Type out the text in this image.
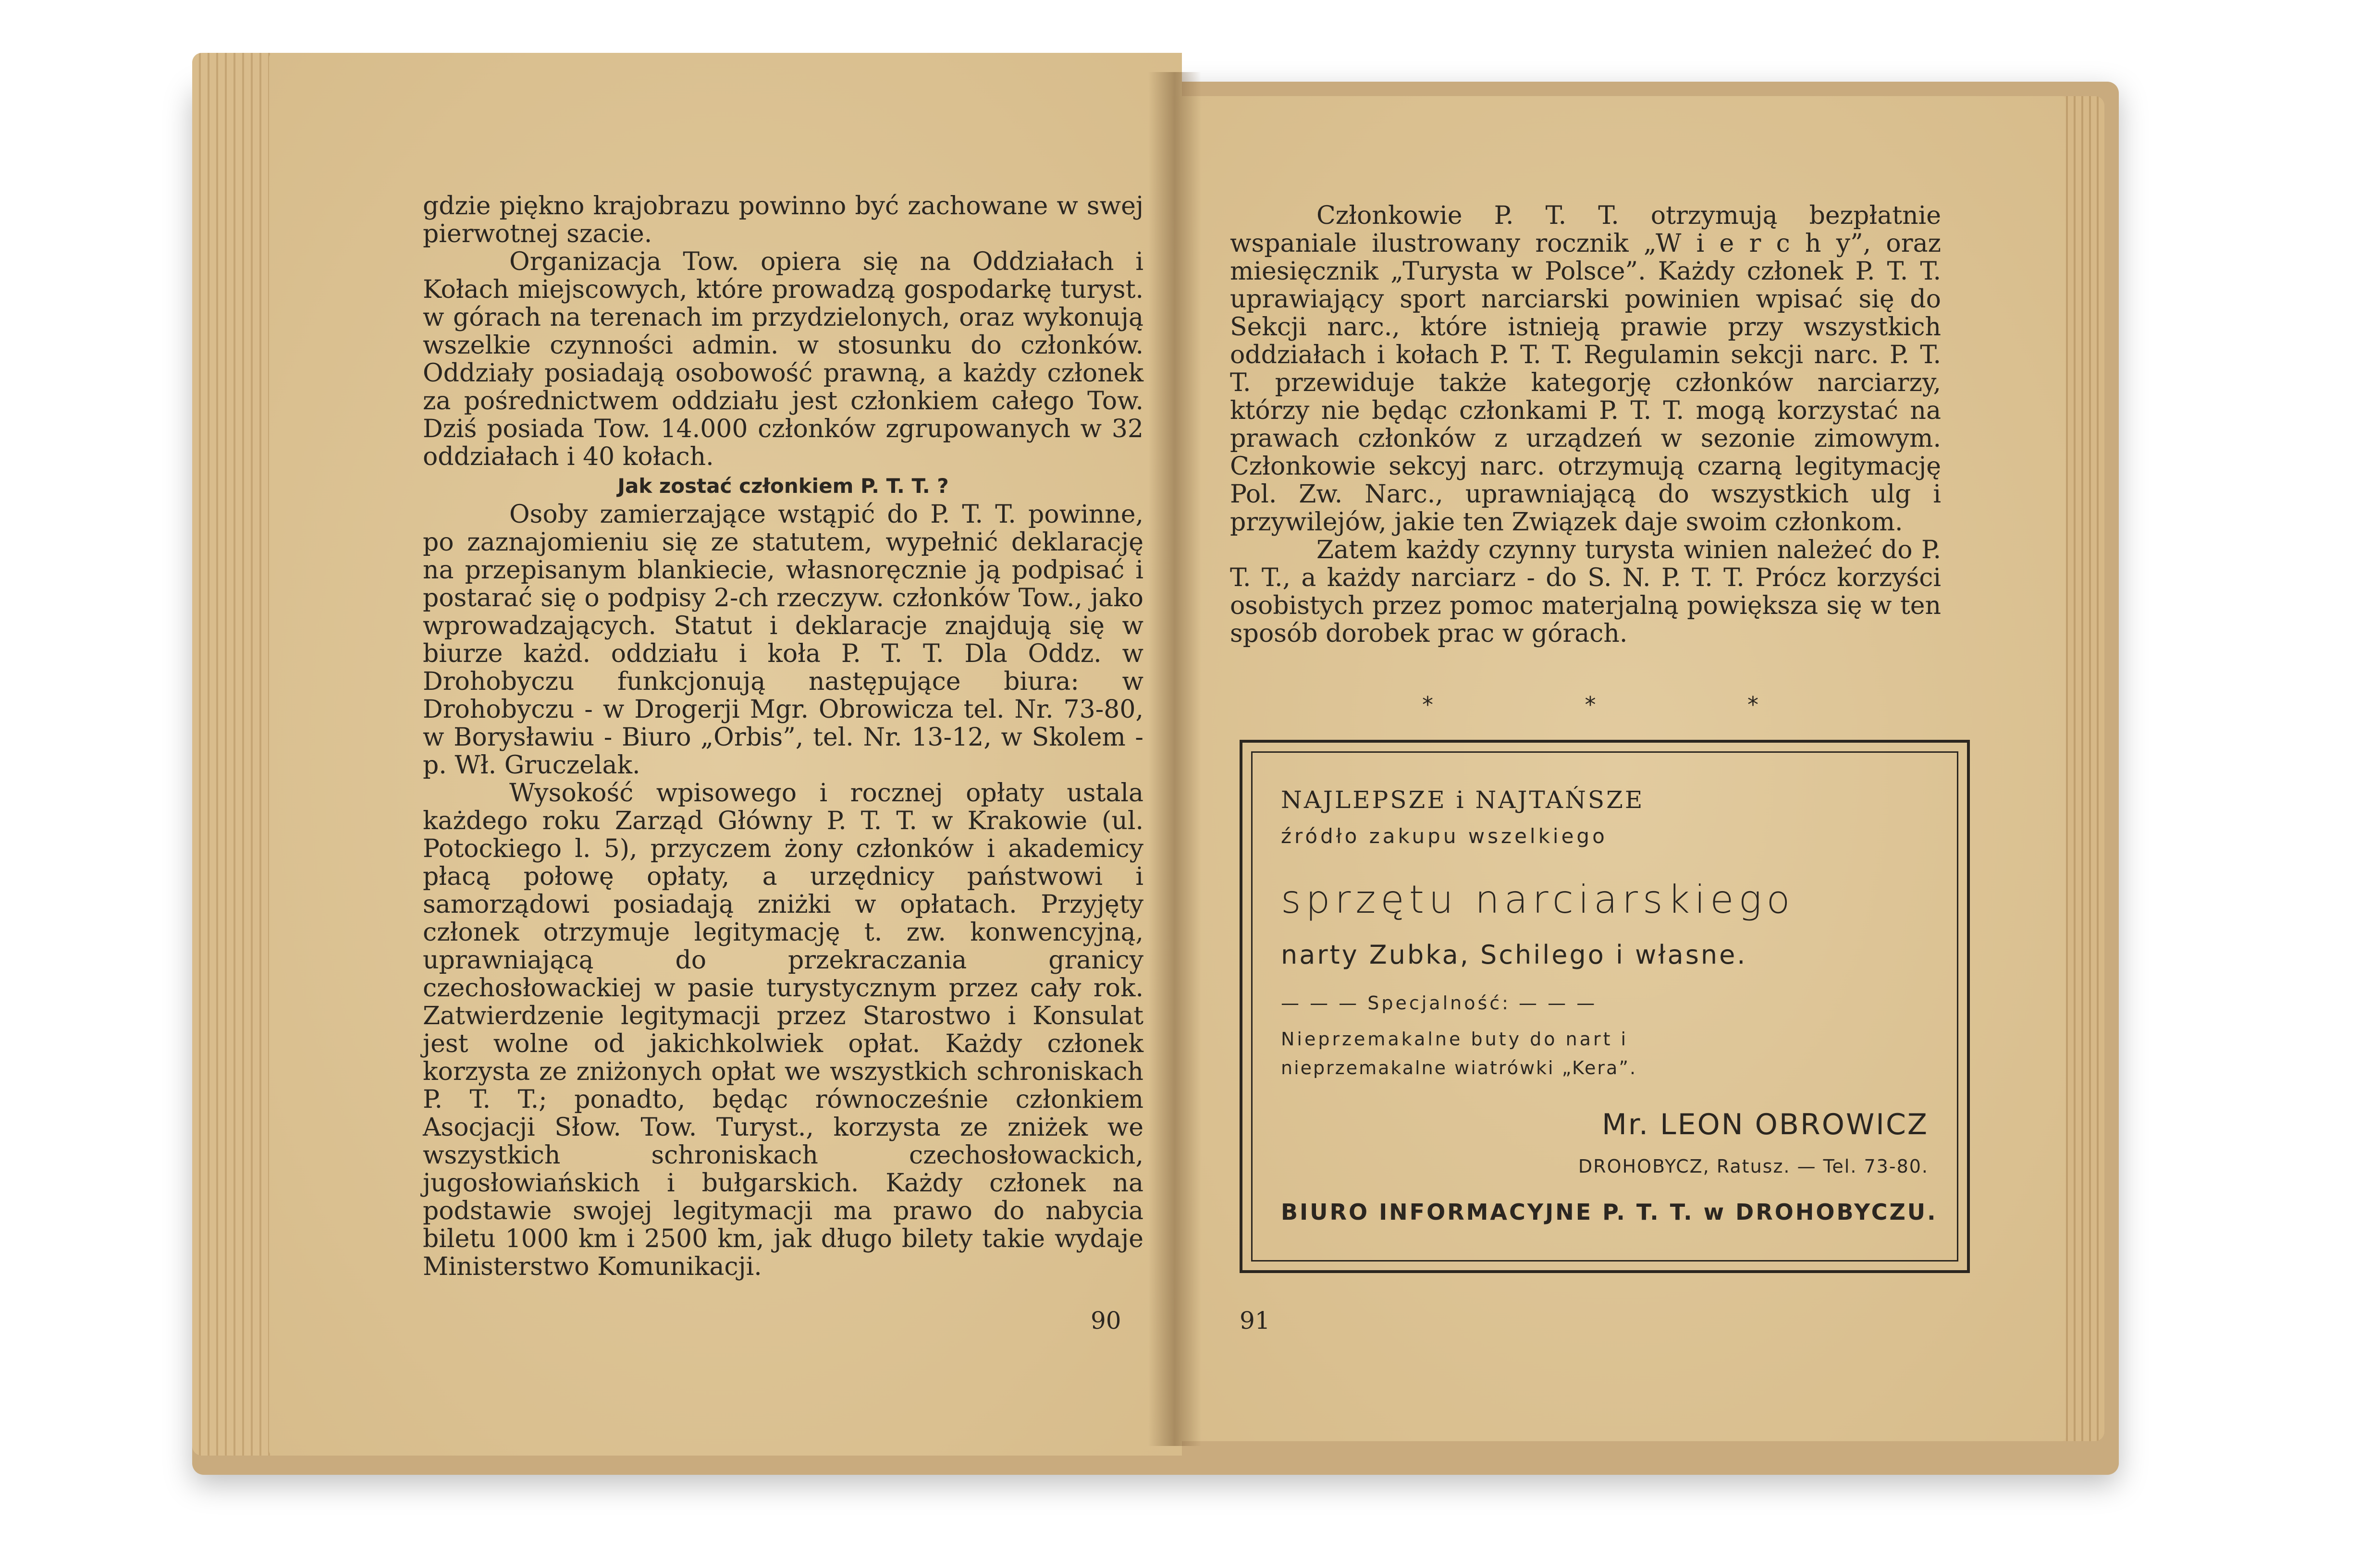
gdzie piękno krajobrazu powinno być zachowane w swej pierwotnej szacie.

Organizacja Tow. opiera się na Oddziałach i Kołach miejscowych, które prowadzą gospodarkę turyst. w górach na terenach im przydzielonych, oraz wykonują wszelkie czynności admin. w stosunku do członków. Oddziały posiadają osobowość prawną, a każdy członek za pośrednictwem oddziału jest członkiem całego Tow. Dziś posiada Tow. 14.000 członków zgrupowanych w 32 oddziałach i 40 kołach.

Jak zostać członkiem P. T. T. ?

Osoby zamierzające wstąpić do P. T. T. powinne, po zaznajomieniu się ze statutem, wypełnić deklarację na przepisanym blankiecie, własnoręcznie ją podpisać i postarać się o podpisy 2-ch rzeczyw. członków Tow., jako wprowadzających. Statut i deklaracje znajdują się w biurze każd. oddziału i koła P. T. T. Dla Oddz. w Drohobyczu funkcjonują następujące biura: w Drohobyczu - w Drogerji Mgr. Obrowicza tel. Nr. 73-80, w Borysławiu - Biuro „Orbis”, tel. Nr. 13-12, w Skolem - p. Wł. Gruczelak.

Wysokość wpisowego i rocznej opłaty ustala każdego roku Zarząd Główny P. T. T. w Krakowie (ul. Potockiego l. 5), przyczem żony członków i akademicy płacą połowę opłaty, a urzędnicy państwowi i samorządowi posiadają zniżki w opłatach. Przyjęty członek otrzymuje legitymację t. zw. konwencyjną, uprawniającą do przekraczania granicy czechosłowackiej w pasie turystycznym przez cały rok. Zatwierdzenie legitymacji przez Starostwo i Konsulat jest wolne od jakichkolwiek opłat. Każdy członek korzysta ze zniżonych opłat we wszystkich schroniskach P. T. T.; ponadto, będąc równocześnie członkiem Asocjacji Słow. Tow. Turyst., korzysta ze zniżek we wszystkich schroniskach czechosłowackich, jugosłowiańskich i bułgarskich. Każdy członek na podstawie swojej legitymacji ma prawo do nabycia biletu 1000 km i 2500 km, jak długo bilety takie wydaje Ministerstwo Komunikacji.

90

Członkowie P. T. T. otrzymują bezpłatnie wspaniale ilustrowany rocznik „W i e r c h y”, oraz miesięcznik „Turysta w Polsce”. Każdy członek P. T. T. uprawiający sport narciarski powinien wpisać się do Sekcji narc., które istnieją prawie przy wszystkich oddziałach i kołach P. T. T. Regulamin sekcji narc. P. T. T. przewiduje także kategorję członków narciarzy, którzy nie będąc członkami P. T. T. mogą korzystać na prawach członków z urządzeń w sezonie zimowym. Członkowie sekcyj narc. otrzymują czarną legitymację Pol. Zw. Narc., uprawniającą do wszystkich ulg i przywilejów, jakie ten Związek daje swoim członkom.

Zatem każdy czynny turysta winien należeć do P. T. T., a każdy narciarz - do S. N. P. T. T. Prócz korzyści osobistych przez pomoc materjalną powiększa się w ten sposób dorobek prac w górach.

*	*	*
NAJLEPSZE i NAJTAŃSZE
źródło zakupu wszelkiego
sprzętu narciarskiego
narty Zubka, Schilego i własne.
— — — Specjalność: — — —
Nieprzemakalne buty do nart i
nieprzemakalne wiatrówki „Kera”.
Mr. LEON OBROWICZ
DROHOBYCZ, Ratusz. — Tel. 73-80.
BIURO INFORMACYJNE P. T. T. w DROHOBYCZU.
91
